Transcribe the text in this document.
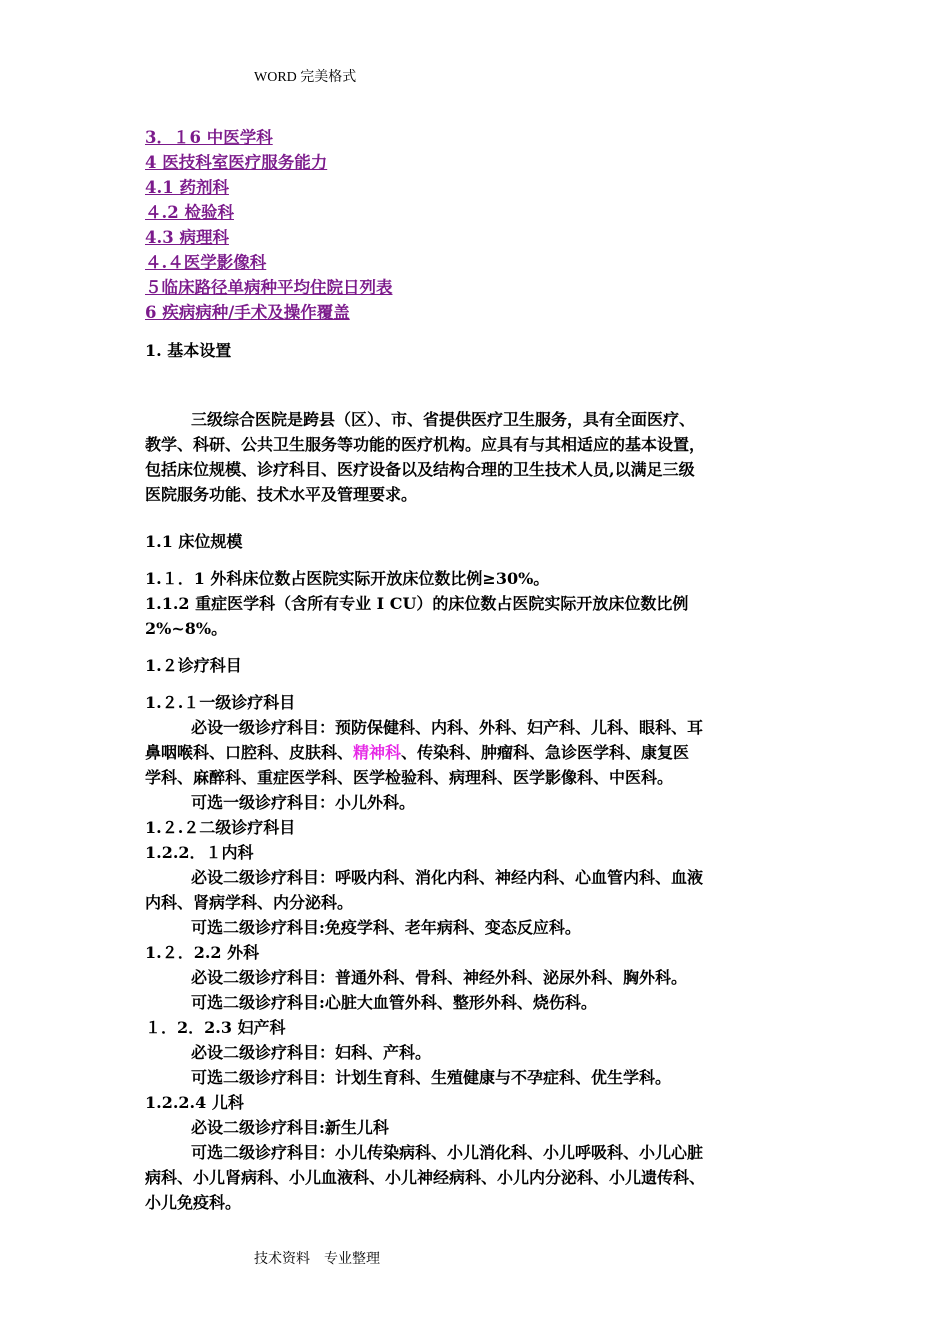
WORD 完美格式
3．１6 中医学科
4 医技科室医疗服务能力
4.1 药剂科
４.2 检验科
4.3 病理科
４.４医学影像科
５临床路径单病种平均住院日列表
6 疾病病种/手术及操作覆盖
1. 基本设置
三级综合医院是跨县（区）、市、省提供医疗卫生服务，具有全面医疗、
教学、科研、公共卫生服务等功能的医疗机构。应具有与其相适应的基本设置，
包括床位规模、诊疗科目、医疗设备以及结构合理的卫生技术人员,以满足三级
医院服务功能、技术水平及管理要求。
1.1 床位规模
1.１．1 外科床位数占医院实际开放床位数比例≥30%。
1.1.2 重症医学科（含所有专业 I CU）的床位数占医院实际开放床位数比例
2%~8%。
1.２诊疗科目
1.２.１一级诊疗科目
必设一级诊疗科目：预防保健科、内科、外科、妇产科、儿科、眼科、耳
鼻咽喉科、口腔科、皮肤科、精神科、传染科、肿瘤科、急诊医学科、康复医
学科、麻醉科、重症医学科、医学检验科、病理科、医学影像科、中医科。
可选一级诊疗科目：小儿外科。
1.２.２二级诊疗科目
1.2.2．１内科
必设二级诊疗科目：呼吸内科、消化内科、神经内科、心血管内科、血液
内科、肾病学科、内分泌科。
可选二级诊疗科目:免疫学科、老年病科、变态反应科。
1.２．2.2 外科
必设二级诊疗科目：普通外科、骨科、神经外科、泌尿外科、胸外科。
可选二级诊疗科目:心脏大血管外科、整形外科、烧伤科。
１．2．2.3 妇产科
必设二级诊疗科目：妇科、产科。
可选二级诊疗科目：计划生育科、生殖健康与不孕症科、优生学科。
1.2.2.4 儿科
必设二级诊疗科目:新生儿科
可选二级诊疗科目：小儿传染病科、小儿消化科、小儿呼吸科、小儿心脏
病科、小儿肾病科、小儿血液科、小儿神经病科、小儿内分泌科、小儿遗传科、
小儿免疫科。
技术资料　专业整理
